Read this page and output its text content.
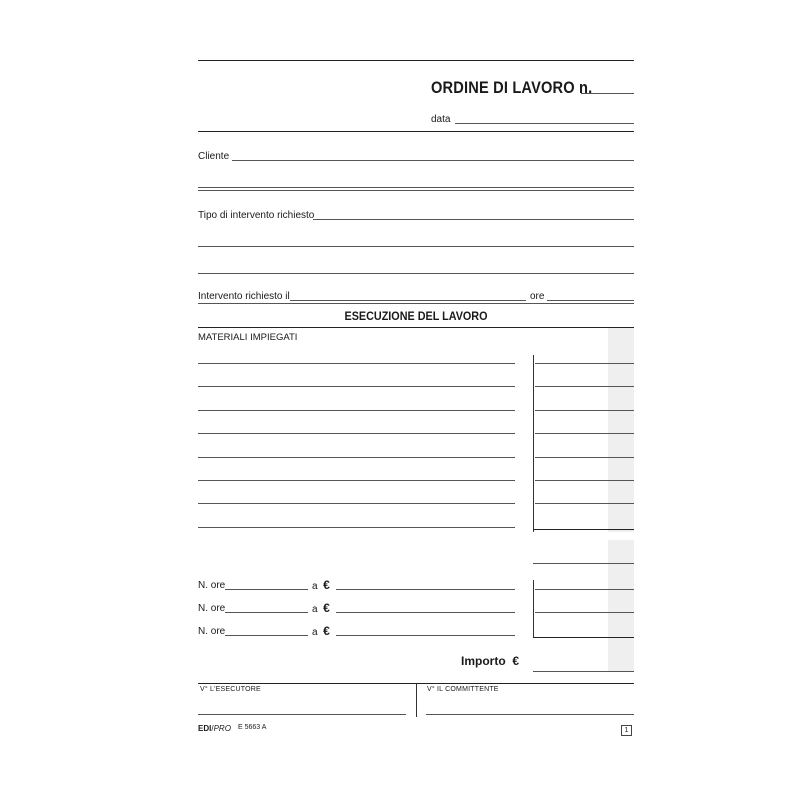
ORDINE DI LAVORO n.
data
Cliente
Tipo di intervento richiesto
Intervento richiesto il	ore
ESECUZIONE DEL LAVORO
MATERIALI IMPIEGATI
N. ore	a €
N. ore	a €
N. ore	a €
Importo €
V° L'ESECUTORE	V° IL COMMITTENTE
EDI/PRO E 5663 A	1
